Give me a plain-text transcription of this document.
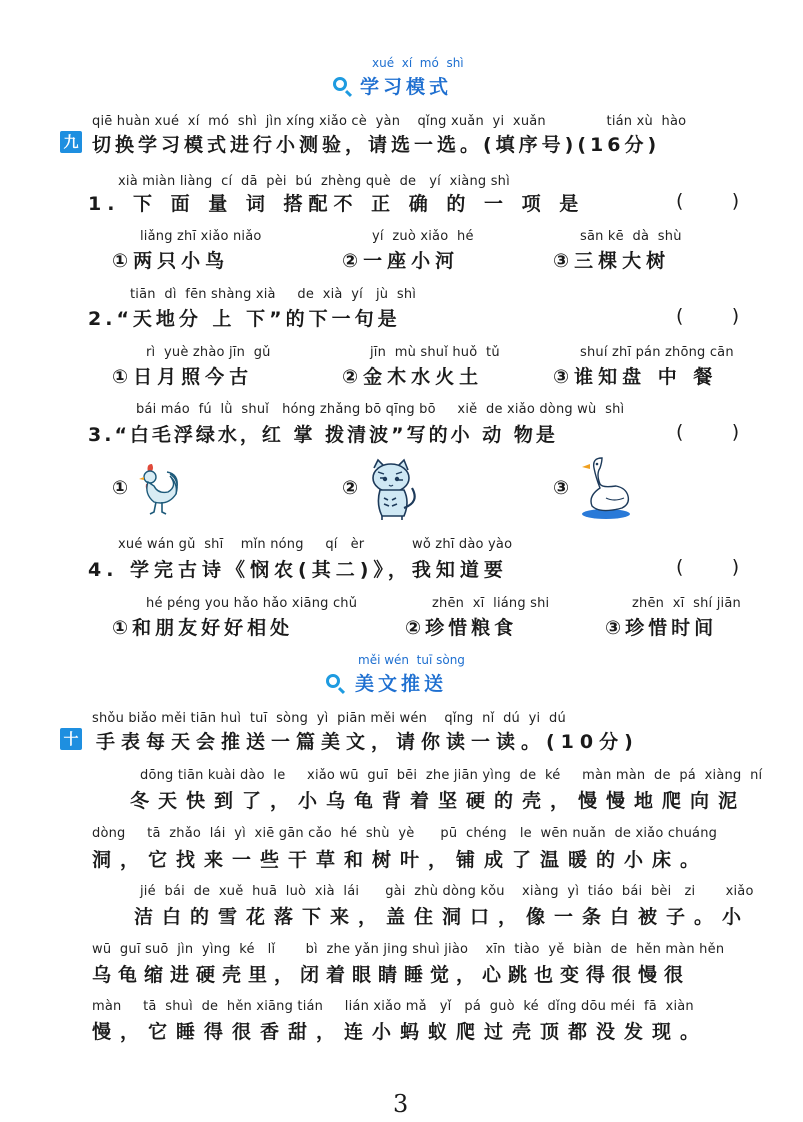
xué  xí  mó  shì
学习模式
qiē huàn xué  xí  mó  shì  jìn xíng xiǎo cè  yàn    qǐng xuǎn  yi  xuǎn              tián xù  hào
九 切换学习模式进行小测验，请选一选。(填序号)(16分)
xià miàn liàng  cí  dā  pèi  bú  zhèng què  de   yí  xiàng shì
1. 下 面 量 词 搭配不 正 确 的 一 项 是	(        )
liǎng zhī xiǎo niǎo
①两只小鸟
yí  zuò xiǎo  hé
②一座小河
sān kē  dà  shù
③三棵大树
tiān  dì  fēn shàng xià     de  xià  yí   jù  shì
2.“天地分 上 下”的下一句是	(        )
rì  yuè zhào jīn  gǔ
①日月照今古
jīn  mù shuǐ huǒ  tǔ
②金木水火土
shuí zhī pán zhōng cān
③谁知盘 中 餐
bái máo  fú  lǜ  shuǐ   hóng zhǎng bō qīng bō     xiě  de xiǎo dòng wù  shì
3.“白毛浮绿水，红 掌 拨清波”写的小 动 物是	(        )
①	②	③
xué wán gǔ  shī    mǐn nóng     qí   èr           wǒ zhī dào yào
4. 学完古诗《悯农(其二)》，我知道要	(        )
hé péng you hǎo hǎo xiāng chǔ
①和朋友好好相处
zhēn  xī  liáng shi
②珍惜粮食
zhēn  xī  shí jiān
③珍惜时间
měi wén  tuī sòng
美文推送
shǒu biǎo měi tiān huì  tuī  sòng  yì  piān měi wén    qǐng  nǐ  dú  yi  dú
十 手表每天会推送一篇美文，请你读一读。(10分)
dōng tiān kuài dào  le     xiǎo wū  guī  bēi  zhe jiān yìng  de  ké     màn màn  de  pá  xiàng  ní
冬天快到了，小乌龟背着坚硬的壳，慢慢地爬向泥
dòng     tā  zhǎo  lái  yì  xiē gān cǎo  hé  shù  yè      pū  chéng   le  wēn nuǎn  de xiǎo chuáng
洞，它找来一些干草和树叶，铺成了温暖的小床。
jié  bái  de  xuě  huā  luò  xià  lái      gài  zhù dòng kǒu    xiàng  yì  tiáo  bái  bèi   zi       xiǎo
洁白的雪花落下来，盖住洞口，像一条白被子。小
wū  guī suō  jìn  yìng  ké   lǐ       bì  zhe yǎn jing shuì jiào    xīn  tiào  yě  biàn  de  hěn màn hěn
乌龟缩进硬壳里，闭着眼睛睡觉，心跳也变得很慢很
màn     tā  shuì  de  hěn xiāng tián     lián xiǎo mǎ   yǐ   pá  guò  ké  dǐng dōu méi  fā  xiàn
慢，它睡得很香甜，连小蚂蚁爬过壳顶都没发现。
3
